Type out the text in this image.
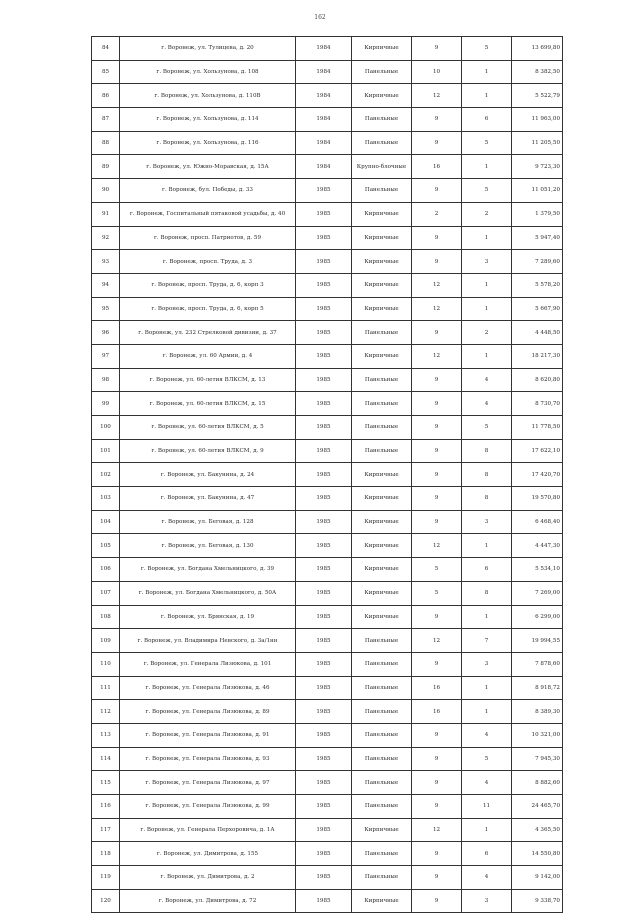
162
84	г. Воронеж, ул. Тулицева, д. 20	1984	Кирпичные	9	5	13 699,80
85	г. Воронеж, ул. Хользунова, д. 108	1984	Панельные	10	1	8 382,50
86	г. Воронеж, ул. Хользунова, д. 110В	1984	Кирпичные	12	1	5 522,79
87	г. Воронеж, ул. Хользунова, д. 114	1984	Панельные	9	6	11 963,00
88	г. Воронеж, ул. Хользунова, д. 116	1984	Панельные	9	5	11 205,50
89	г. Воронеж, ул. Южно-Моравская, д. 15А	1984	Крупно-блочные	16	1	9 723,30
90	г. Воронеж, бул. Победы, д. 33	1985	Панельные	9	5	11 051,20
91	г. Воронеж, Госпитальный пятаковой усадьбы, д. 40	1985	Кирпичные	2	2	1 379,50
92	г. Воронеж, просп. Патриотов, д. 59	1985	Кирпичные	9	1	5 947,40
93	г. Воронеж, просп. Труда, д. 3	1985	Кирпичные	9	3	7 289,60
94	г. Воронеж, просп. Труда, д. 6, корп 3	1985	Кирпичные	12	1	5 578,20
95	г. Воронеж, просп. Труда, д. 6, корп 5	1985	Кирпичные	12	1	5 667,90
96	г. Воронеж, ул. 232 Стрелковой дивизии, д. 37	1985	Панельные	9	2	4 448,50
97	г. Воронеж, ул. 60 Армии, д. 4	1985	Кирпичные	12	1	18 217,30
98	г. Воронеж, ул. 60-летия ВЛКСМ, д. 13	1985	Панельные	9	4	8 620,80
99	г. Воронеж, ул. 60-летия ВЛКСМ, д. 15	1985	Панельные	9	4	8 730,70
100	г. Воронеж, ул. 60-летия ВЛКСМ, д. 5	1985	Панельные	9	5	11 778,50
101	г. Воронеж, ул. 60-летия ВЛКСМ, д. 9	1985	Панельные	9	8	17 622,10
102	г. Воронеж, ул. Бакунина, д. 24	1985	Кирпичные	9	8	17 420,70
103	г. Воронеж, ул. Бакунина, д. 47	1985	Кирпичные	9	8	19 570,80
104	г. Воронеж, ул. Беговая, д. 128	1985	Кирпичные	9	3	6 468,40
105	г. Воронеж, ул. Беговая, д. 130	1985	Кирпичные	12	1	4 447,30
106	г. Воронеж, ул. Богдана Хмельницкого, д. 39	1985	Кирпичные	5	6	5 534,10
107	г. Воронеж, ул. Богдана Хмельницкого, д. 50А	1985	Кирпичные	5	8	7 269,00
108	г. Воронеж, ул. Брянская, д. 19	1985	Кирпичные	9	1	6 299,00
109	г. Воронеж, ул. Владимира Невского, д. 3а/1нн	1985	Панельные	12	7	19 994,55
110	г. Воронеж, ул. Генерала Лизюкова, д. 101	1985	Панельные	9	3	7 878,60
111	г. Воронеж, ул. Генерала Лизюкова, д. 46	1985	Панельные	16	1	8 918,72
112	г. Воронеж, ул. Генерала Лизюкова, д. 89	1985	Панельные	16	1	8 389,30
113	г. Воронеж, ул. Генерала Лизюкова, д. 91	1985	Панельные	9	4	10 321,00
114	г. Воронеж, ул. Генерала Лизюкова, д. 93	1985	Панельные	9	5	7 945,30
115	г. Воронеж, ул. Генерала Лизюкова, д. 97	1985	Панельные	9	4	8 882,60
116	г. Воронеж, ул. Генерала Лизюкова, д. 99	1985	Панельные	9	11	24 465,70
117	г. Воронеж, ул. Генерала Перхоровича, д. 1А	1985	Кирпичные	12	1	4 365,50
118	г. Воронеж, ул. Димитрова, д. 155	1985	Панельные	9	6	14 550,80
119	г. Воронеж, ул. Димитрова, д. 2	1985	Панельные	9	4	9 142,00
120	г. Воронеж, ул. Димитрова, д. 72	1985	Кирпичные	9	3	9 338,70
